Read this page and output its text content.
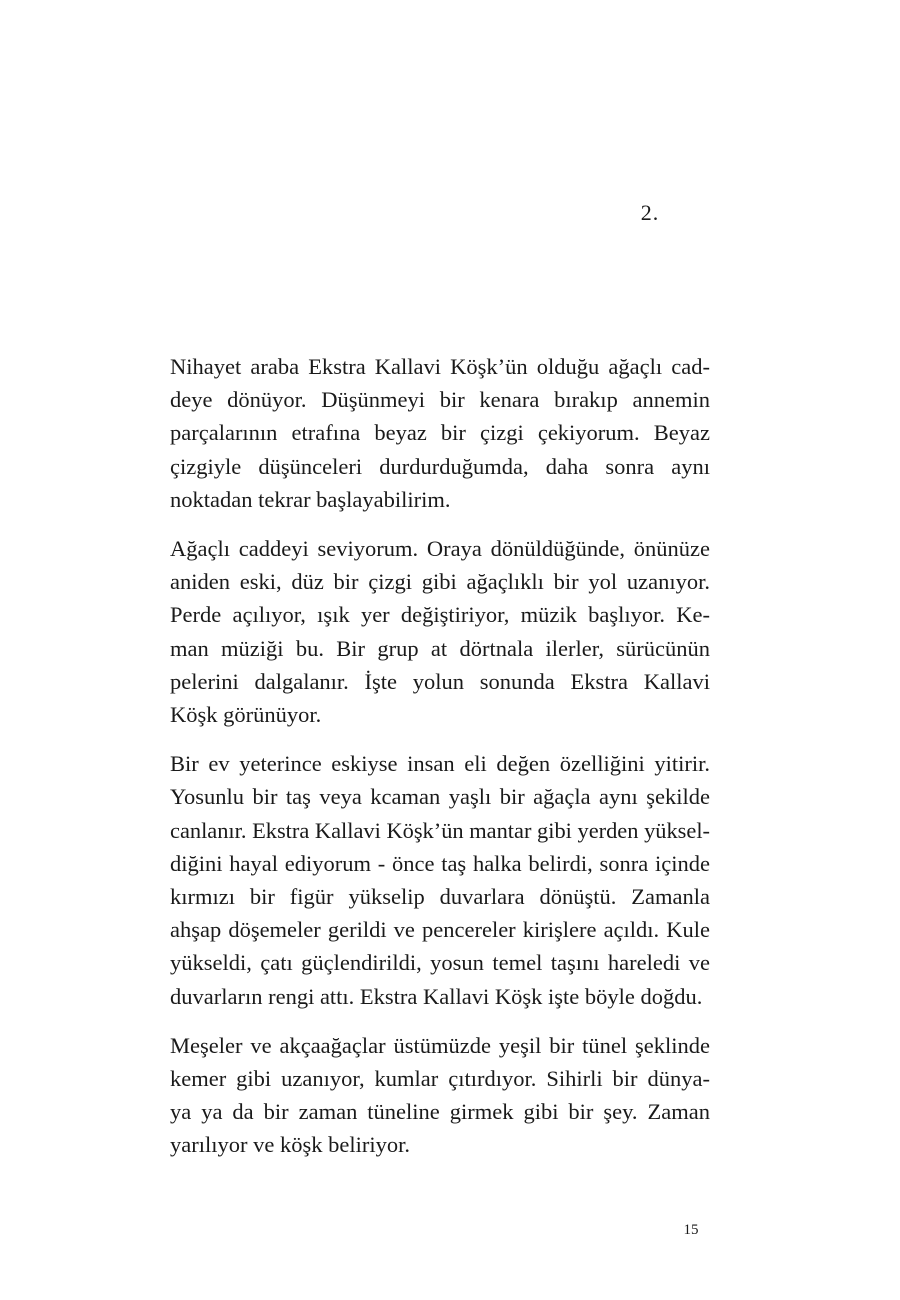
2.

Nihayet araba Ekstra Kallavi Köşk’ün olduğu ağaçlı cad-
deye dönüyor. Düşünmeyi bir kenara bırakıp annemin
parçalarının etrafına beyaz bir çizgi çekiyorum. Beyaz
çizgiyle düşünceleri durdurduğumda, daha sonra aynı
noktadan tekrar başlayabilirim.

Ağaçlı caddeyi seviyorum. Oraya dönüldüğünde, önünüze
aniden eski, düz bir çizgi gibi ağaçlıklı bir yol uzanıyor.
Perde açılıyor, ışık yer değiştiriyor, müzik başlıyor. Ke-
man müziği bu. Bir grup at dörtnala ilerler, sürücünün
pelerini dalgalanır. İşte yolun sonunda Ekstra Kallavi
Köşk görünüyor.

Bir ev yeterince eskiyse insan eli değen özelliğini yitirir.
Yosunlu bir taş veya kcaman yaşlı bir ağaçla aynı şekilde
canlanır. Ekstra Kallavi Köşk’ün mantar gibi yerden yüksel-
diğini hayal ediyorum - önce taş halka belirdi, sonra içinde
kırmızı bir figür yükselip duvarlara dönüştü. Zamanla
ahşap döşemeler gerildi ve pencereler kirişlere açıldı. Kule
yükseldi, çatı güçlendirildi, yosun temel taşını hareledi ve
duvarların rengi attı. Ekstra Kallavi Köşk işte böyle doğdu.

Meşeler ve akçaağaçlar üstümüzde yeşil bir tünel şeklinde
kemer gibi uzanıyor, kumlar çıtırdıyor. Sihirli bir dünya-
ya ya da bir zaman tüneline girmek gibi bir şey. Zaman
yarılıyor ve köşk beliriyor.

15
